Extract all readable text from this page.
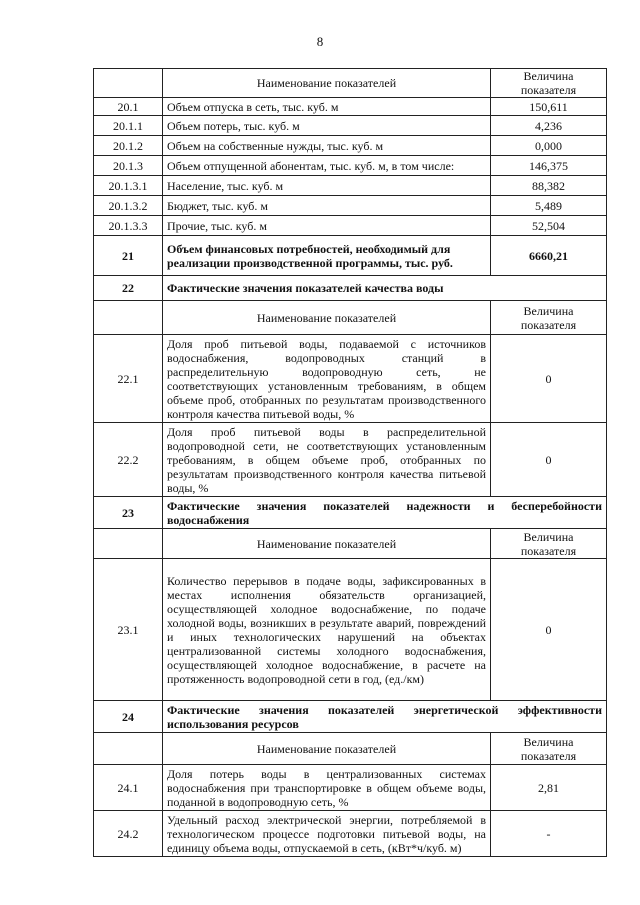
8
	Наименование показателей	Величина показателя
20.1	Объем отпуска в сеть, тыс. куб. м	150,611
20.1.1	Объем потерь, тыс. куб. м	4,236
20.1.2	Объем на собственные нужды, тыс. куб. м	0,000
20.1.3	Объем отпущенной абонентам, тыс. куб. м, в том числе:	146,375
20.1.3.1	Население, тыс. куб. м	88,382
20.1.3.2	Бюджет, тыс. куб. м	5,489
20.1.3.3	Прочие, тыс. куб. м	52,504
21	Объем финансовых потребностей, необходимый для реализации производственной программы, тыс. руб.	6660,21
22	Фактические значения показателей качества воды	
	Наименование показателей	Величина показателя
22.1	Доля проб питьевой воды, подаваемой с источников водоснабжения, водопроводных станций в распределительную водопроводную сеть, не соответствующих установленным требованиям, в общем объеме проб, отобранных по результатам производственного контроля качества питьевой воды, %	0
22.2	Доля проб питьевой воды в распределительной водопроводной сети, не соответствующих установленным требованиям, в общем объеме проб, отобранных по результатам производственного контроля качества питьевой воды, %	0
23	Фактические значения показателей надежности и бесперебойности водоснабжения	
	Наименование показателей	Величина показателя
23.1	Количество перерывов в подаче воды, зафиксированных в местах исполнения обязательств организацией, осуществляющей холодное водоснабжение, по подаче холодной воды, возникших в результате аварий, повреждений и иных технологических нарушений на объектах централизованной системы холодного водоснабжения, осуществляющей холодное водоснабжение, в расчете на протяженность водопроводной сети в год, (ед./км)	0
24	Фактические значения показателей энергетической эффективности использования ресурсов	
	Наименование показателей	Величина показателя
24.1	Доля потерь воды в централизованных системах водоснабжения при транспортировке в общем объеме воды, поданной в водопроводную сеть, %	2,81
24.2	Удельный расход электрической энергии, потребляемой в технологическом процессе подготовки питьевой воды, на единицу объема воды, отпускаемой в сеть, (кВт*ч/куб. м)	-
